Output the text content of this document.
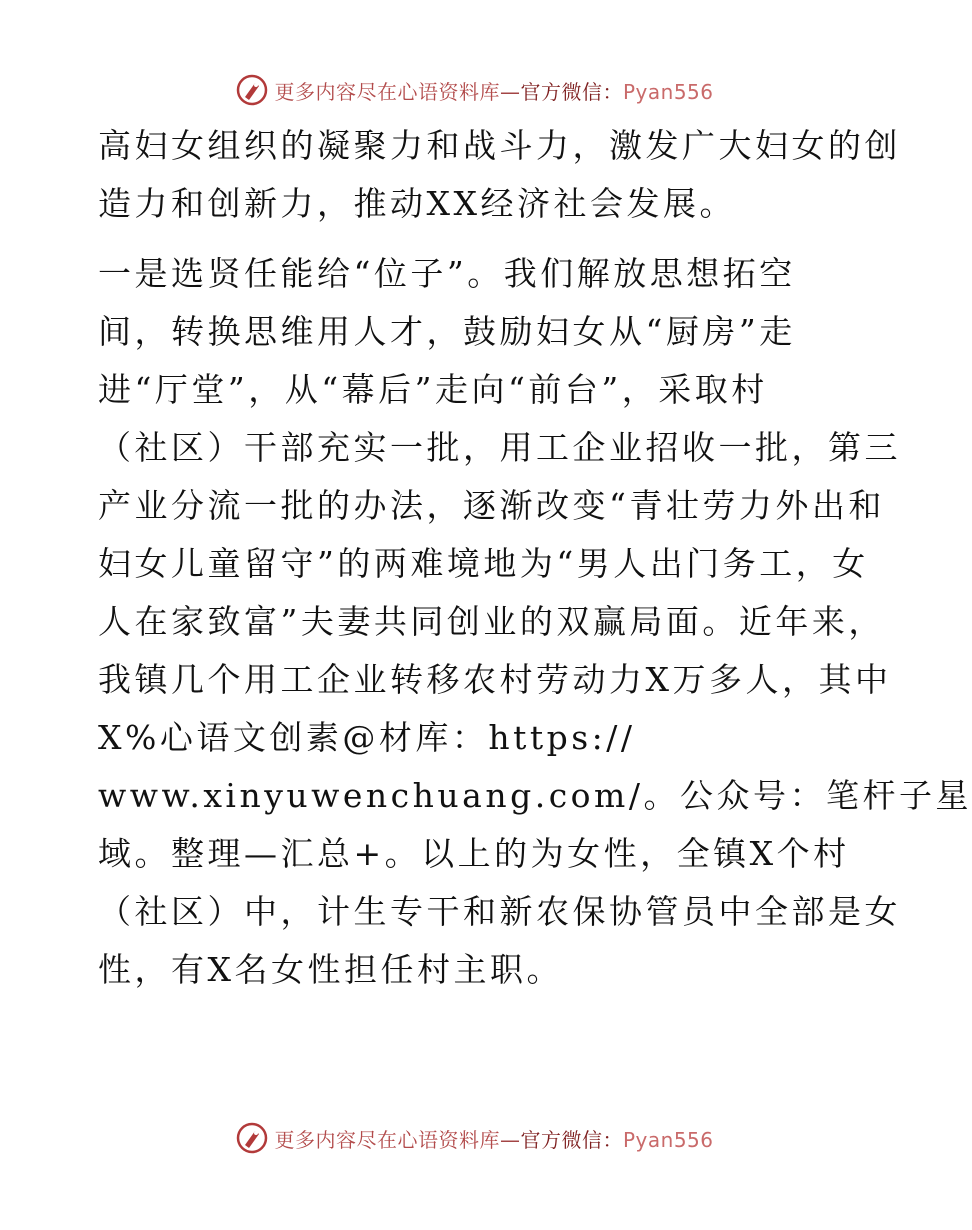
更多内容尽在心语资料库—官方微信：Pyan556
高妇女组织的凝聚力和战斗力，激发广大妇女的创
造力和创新力，推动XX经济社会发展。
一是选贤任能给“位子”。我们解放思想拓空
间，转换思维用人才，鼓励妇女从“厨房”走
进“厅堂”，从“幕后”走向“前台”，采取村
（社区）干部充实一批，用工企业招收一批，第三
产业分流一批的办法，逐渐改变“青壮劳力外出和
妇女儿童留守”的两难境地为“男人出门务工，女
人在家致富”夫妻共同创业的双赢局面。近年来，
我镇几个用工企业转移农村劳动力X万多人，其中
X%心语文创素@材库：https://
www.xinyuwenchuang.com/。公众号：笔杆子星
域。整理—汇总+。以上的为女性，全镇X个村
（社区）中，计生专干和新农保协管员中全部是女
性，有X名女性担任村主职。
更多内容尽在心语资料库—官方微信：Pyan556
